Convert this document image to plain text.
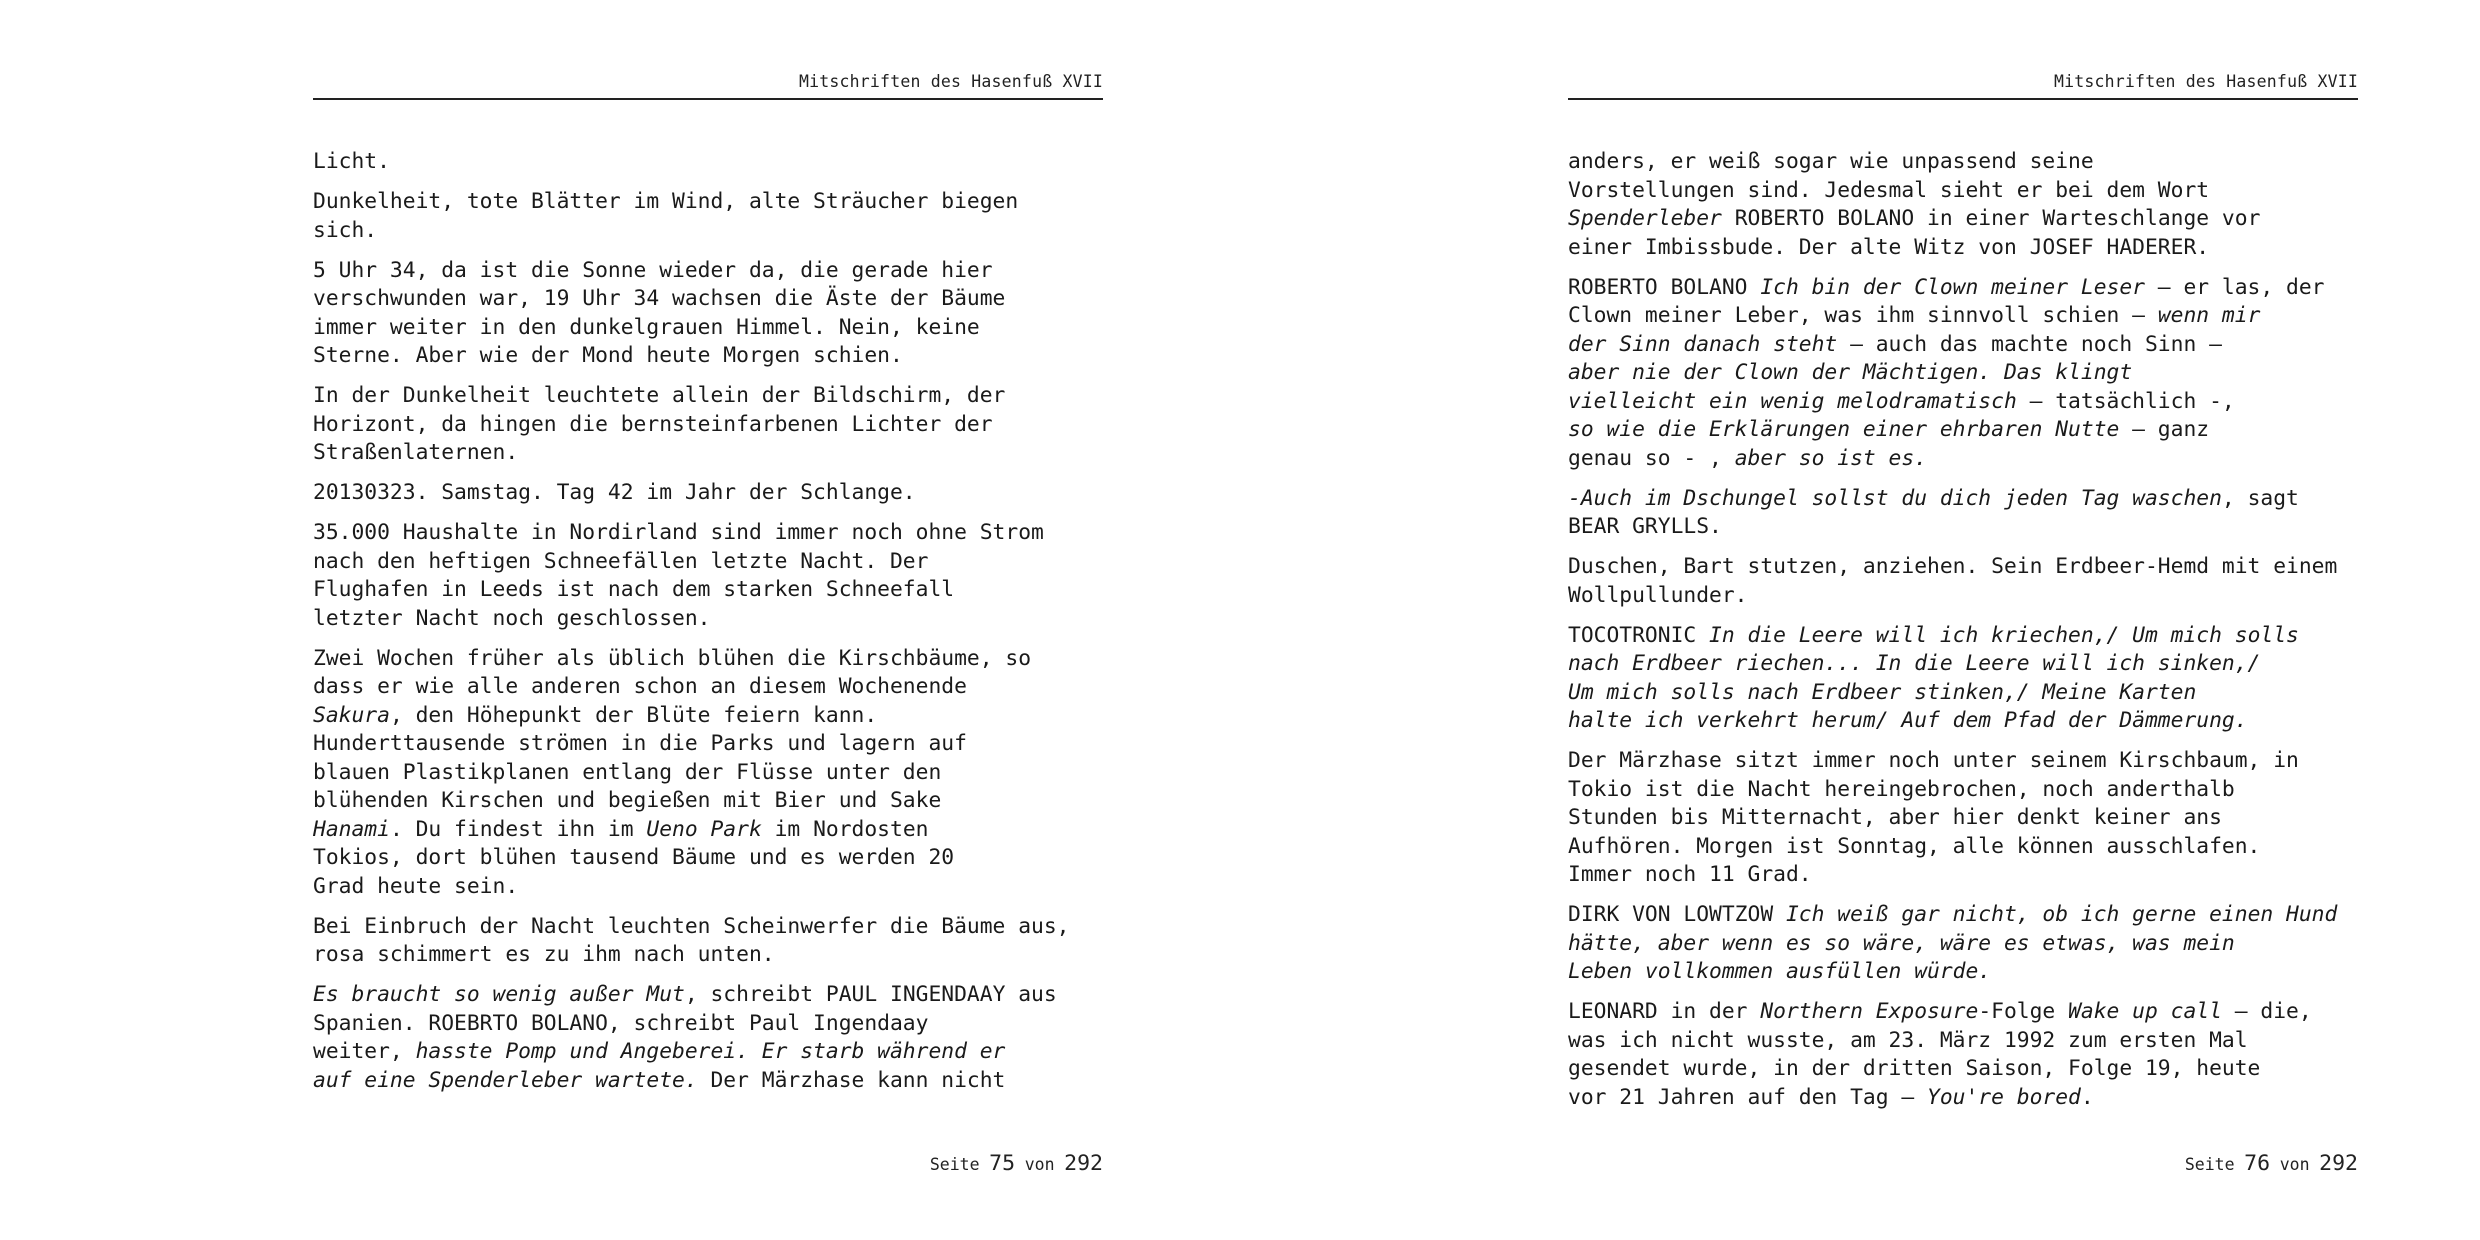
Mitschriften des Hasenfuß XVII

Licht.

Dunkelheit, tote Blätter im Wind, alte Sträucher biegen
sich.

5 Uhr 34, da ist die Sonne wieder da, die gerade hier
verschwunden war, 19 Uhr 34 wachsen die Äste der Bäume
immer weiter in den dunkelgrauen Himmel. Nein, keine
Sterne. Aber wie der Mond heute Morgen schien.

In der Dunkelheit leuchtete allein der Bildschirm, der
Horizont, da hingen die bernsteinfarbenen Lichter der
Straßenlaternen.

20130323. Samstag. Tag 42 im Jahr der Schlange.

35.000 Haushalte in Nordirland sind immer noch ohne Strom
nach den heftigen Schneefällen letzte Nacht. Der
Flughafen in Leeds ist nach dem starken Schneefall
letzter Nacht noch geschlossen.

Zwei Wochen früher als üblich blühen die Kirschbäume, so
dass er wie alle anderen schon an diesem Wochenende
Sakura, den Höhepunkt der Blüte feiern kann.
Hunderttausende strömen in die Parks und lagern auf
blauen Plastikplanen entlang der Flüsse unter den
blühenden Kirschen und begießen mit Bier und Sake
Hanami. Du findest ihn im Ueno Park im Nordosten
Tokios, dort blühen tausend Bäume und es werden 20
Grad heute sein.

Bei Einbruch der Nacht leuchten Scheinwerfer die Bäume aus,
rosa schimmert es zu ihm nach unten.

Es braucht so wenig außer Mut, schreibt PAUL INGENDAAY aus
Spanien. ROEBRTO BOLANO, schreibt Paul Ingendaay
weiter, hasste Pomp und Angeberei. Er starb während er
auf eine Spenderleber wartete. Der Märzhase kann nicht

Seite 75 von 292
Mitschriften des Hasenfuß XVII

anders, er weiß sogar wie unpassend seine
Vorstellungen sind. Jedesmal sieht er bei dem Wort
Spenderleber ROBERTO BOLANO in einer Warteschlange vor
einer Imbissbude. Der alte Witz von JOSEF HADERER.

ROBERTO BOLANO Ich bin der Clown meiner Leser – er las, der
Clown meiner Leber, was ihm sinnvoll schien – wenn mir
der Sinn danach steht – auch das machte noch Sinn –
aber nie der Clown der Mächtigen. Das klingt
vielleicht ein wenig melodramatisch – tatsächlich -,
so wie die Erklärungen einer ehrbaren Nutte – ganz
genau so - , aber so ist es.

-Auch im Dschungel sollst du dich jeden Tag waschen, sagt
BEAR GRYLLS.

Duschen, Bart stutzen, anziehen. Sein Erdbeer-Hemd mit einem
Wollpullunder.

TOCOTRONIC In die Leere will ich kriechen,/ Um mich solls
nach Erdbeer riechen... In die Leere will ich sinken,/
Um mich solls nach Erdbeer stinken,/ Meine Karten
halte ich verkehrt herum/ Auf dem Pfad der Dämmerung.

Der Märzhase sitzt immer noch unter seinem Kirschbaum, in
Tokio ist die Nacht hereingebrochen, noch anderthalb
Stunden bis Mitternacht, aber hier denkt keiner ans
Aufhören. Morgen ist Sonntag, alle können ausschlafen.
Immer noch 11 Grad.

DIRK VON LOWTZOW Ich weiß gar nicht, ob ich gerne einen Hund
hätte, aber wenn es so wäre, wäre es etwas, was mein
Leben vollkommen ausfüllen würde.

LEONARD in der Northern Exposure-Folge Wake up call – die,
was ich nicht wusste, am 23. März 1992 zum ersten Mal
gesendet wurde, in der dritten Saison, Folge 19, heute
vor 21 Jahren auf den Tag – You're bored.

Seite 76 von 292
